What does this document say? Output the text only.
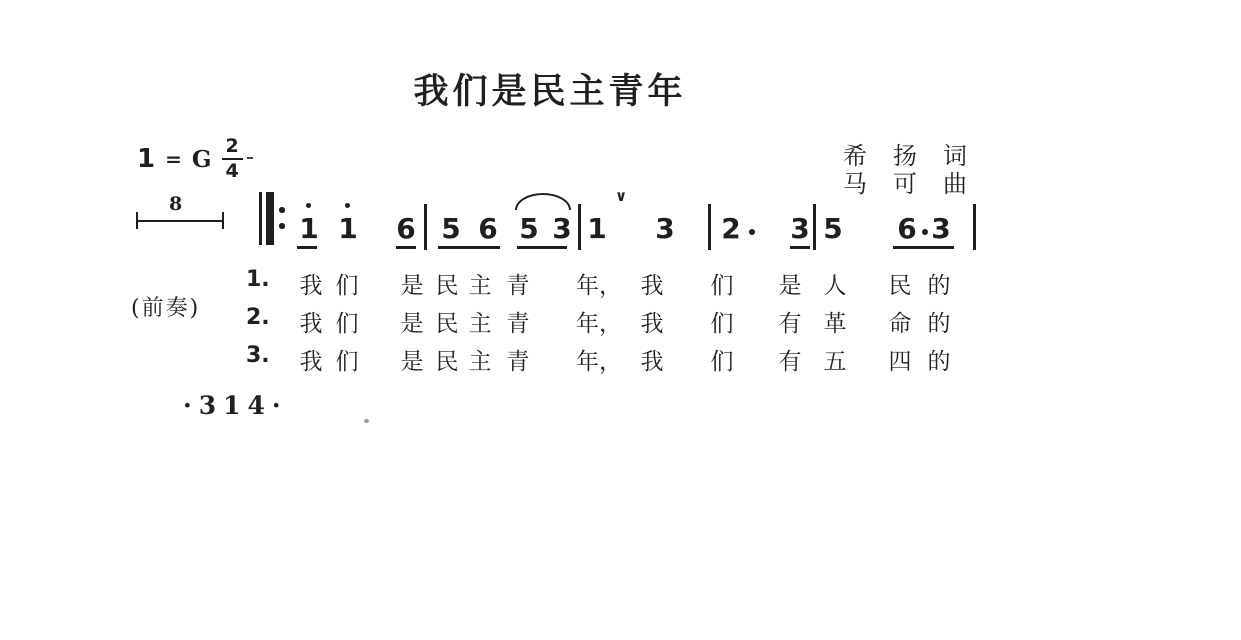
我们是民主青年
1 = G $\frac{2}{4}$	希 扬 词
马 可 曲
8
(前奏)
1 1 6 5 6 5 3 1
∨
3 2 3 5 6 3
1.	我 们	是 民 主 青	年， 我	们	是 人	民 的
2.	我 们	是 民 主 青	年， 我	们	有 革	命 的
3.	我 们	是 民 主 青	年， 我	们	有 五	四 的
·314·
